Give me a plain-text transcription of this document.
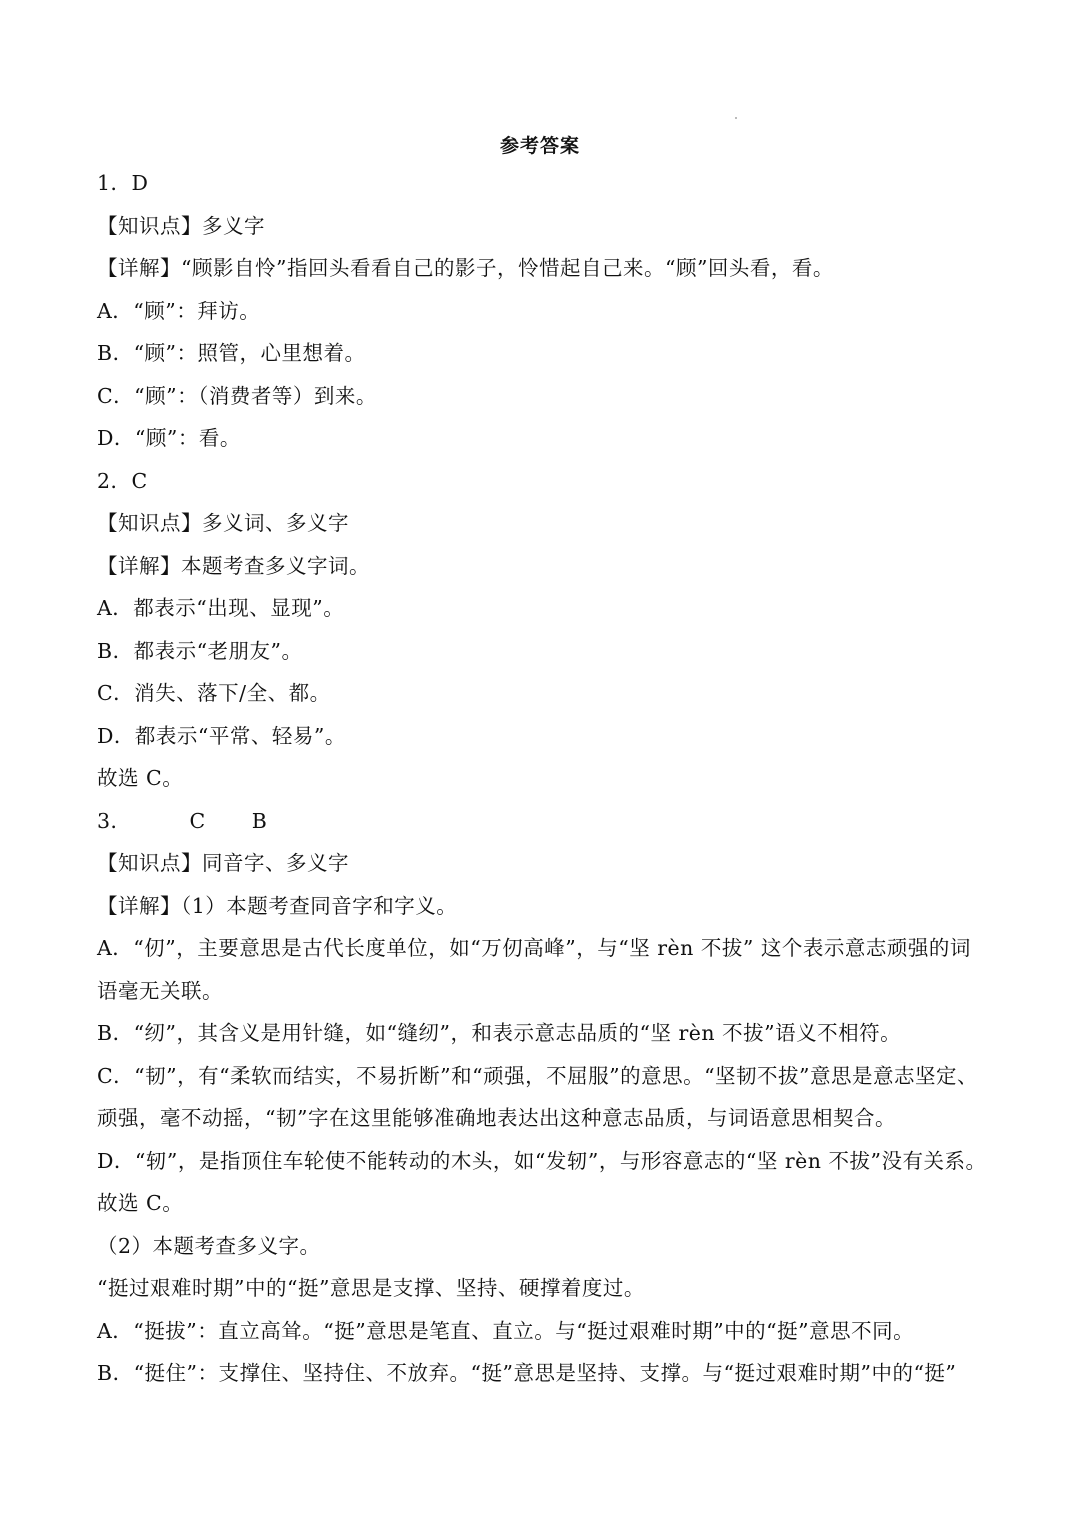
参考答案
1．D
【知识点】多义字
【详解】“顾影自怜”指回头看看自己的影子，怜惜起自己来。“顾”回头看，看。
A．“顾”：拜访。
B．“顾”：照管，心里想着。
C．“顾”：（消费者等）到来。
D．“顾”：看。
2．C
【知识点】多义词、多义字
【详解】本题考查多义字词。
A．都表示“出现、显现”。
B．都表示“老朋友”。
C．消失、落下/全、都。
D．都表示“平常、轻易”。
故选 C。
3．	C B
【知识点】同音字、多义字
【详解】（1）本题考查同音字和字义。
A．“仞”，主要意思是古代长度单位，如“万仞高峰”，与“坚 rèn 不拔” 这个表示意志顽强的词
语毫无关联。
B．“纫”，其含义是用针缝，如“缝纫”，和表示意志品质的“坚 rèn 不拔”语义不相符。
C．“韧”，有“柔软而结实，不易折断”和“顽强，不屈服”的意思。“坚韧不拔”意思是意志坚定、
顽强，毫不动摇，“韧”字在这里能够准确地表达出这种意志品质，与词语意思相契合。
D．“轫”，是指顶住车轮使不能转动的木头，如“发轫”，与形容意志的“坚 rèn 不拔”没有关系。
故选 C。
（2）本题考查多义字。
“挺过艰难时期”中的“挺”意思是支撑、坚持、硬撑着度过。
A．“挺拔”：直立高耸。“挺”意思是笔直、直立。与“挺过艰难时期”中的“挺”意思不同。
B．“挺住”：支撑住、坚持住、不放弃。“挺”意思是坚持、支撑。与“挺过艰难时期”中的“挺”
